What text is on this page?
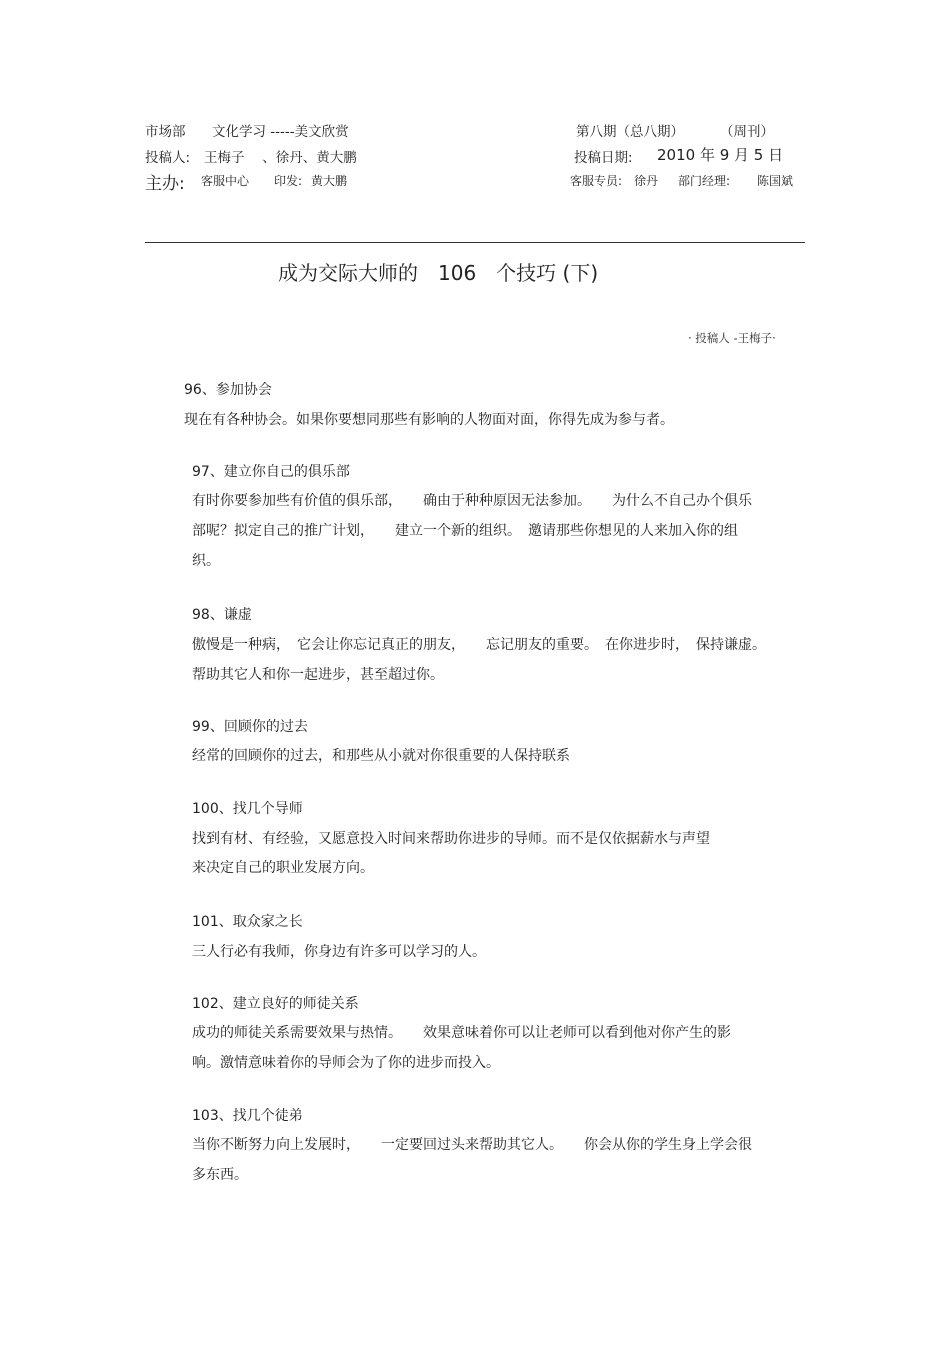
市场部 文化学习 -----美文欣赏	第八期（总八期）	（周刊）
投稿人: 王梅子　 、徐丹、黄大鹏	投稿日期: 2010 年 9 月 5 日
主办: 客服中心 印发: 黄大鹏	客服专员: 徐丹 部门经理: 陈国斌
成为交际大师的　106　个技巧 (下)
· 投稿人 -王梅子·
96、参加协会
现在有各种协会。如果你要想同那些有影响的人物面对面，你得先成为参与者。
97、建立你自己的俱乐部
有时你要参加些有价值的俱乐部，　　确由于种种原因无法参加。　　为什么不自己办个俱乐
部呢？拟定自己的推广计划，　　建立一个新的组织。　邀请那些你想见的人来加入你的组
织。
98、谦虚
傲慢是一种病，　它会让你忘记真正的朋友，　　忘记朋友的重要。　在你进步时，　保持谦虚。
帮助其它人和你一起进步，甚至超过你。
99、回顾你的过去
经常的回顾你的过去，和那些从小就对你很重要的人保持联系
100、找几个导师
找到有材、有经验，又愿意投入时间来帮助你进步的导师。而不是仅依据薪水与声望
来决定自己的职业发展方向。
101、取众家之长
三人行必有我师，你身边有许多可以学习的人。
102、建立良好的师徒关系
成功的师徒关系需要效果与热情。　　效果意味着你可以让老师可以看到他对你产生的影
响。激情意味着你的导师会为了你的进步而投入。
103、找几个徒弟
当你不断努力向上发展时，　　一定要回过头来帮助其它人。　　你会从你的学生身上学会很
多东西。
